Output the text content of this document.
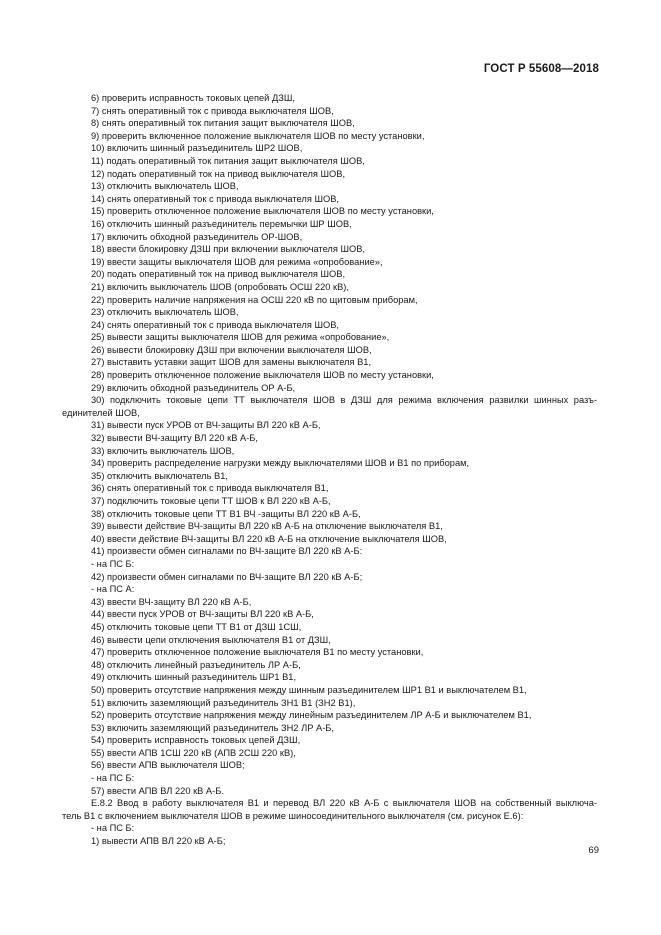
ГОСТ Р 55608—2018
6) проверить исправность токовых цепей ДЗШ,
7) снять оперативный ток с привода выключателя ШОВ,
8) снять оперативный ток питания защит выключателя ШОВ,
9) проверить включенное положение выключателя ШОВ по месту установки,
10) включить шинный разъединитель ШР2 ШОВ,
11) подать оперативный ток питания защит выключателя ШОВ,
12) подать оперативный ток на привод выключателя ШОВ,
13) отключить выключатель ШОВ,
14) снять оперативный ток с привода выключателя ШОВ,
15) проверить отключенное положение выключателя ШОВ по месту установки,
16) отключить шинный разъединитель перемычки ШР ШОВ,
17) включить обходной разъединитель ОР-ШОВ,
18) ввести блокировку ДЗШ при включении выключателя ШОВ,
19) ввести защиты выключателя ШОВ для режима «опробование»,
20) подать оперативный ток на привод выключателя ШОВ,
21) включить выключатель ШОВ (опробовать ОСШ 220 кВ),
22) проверить наличие напряжения на ОСШ 220 кВ по щитовым приборам,
23) отключить выключатель ШОВ,
24) снять оперативный ток с привода выключателя ШОВ,
25) вывести защиты выключателя ШОВ для режима «опробование»,
26) вывести блокировку ДЗШ при включении выключателя ШОВ,
27) выставить уставки защит ШОВ для замены выключателя В1,
28) проверить отключенное положение выключателя ШОВ по месту установки,
29) включить обходной разъединитель ОР А-Б,
30) подключить токовые цепи ТТ выключателя ШОВ в ДЗШ для режима включения развилки шинных разъ-
единителей ШОВ,
31) вывести пуск УРОВ от ВЧ-защиты ВЛ 220 кВ А-Б,
32) вывести ВЧ-защиту ВЛ 220 кВ А-Б,
33) включить выключатель ШОВ,
34) проверить распределение нагрузки между выключателями ШОВ и В1 по приборам,
35) отключить выключатель В1,
36) снять оперативный ток с привода выключателя В1,
37) подключить токовые цепи ТТ ШОВ к ВЛ 220 кВ А-Б,
38) отключить токовые цепи ТТ В1 ВЧ -защиты ВЛ 220 кВ А-Б,
39) вывести действие ВЧ-защиты ВЛ 220 кВ А-Б на отключение выключателя В1,
40) ввести действие ВЧ-защиты ВЛ 220 кВ А-Б на отключение выключателя ШОВ,
41) произвести обмен сигналами по ВЧ-защите ВЛ 220 кВ А-Б:
- на ПС Б:
42) произвести обмен сигналами по ВЧ-защите ВЛ 220 кВ А-Б;
- на ПС А:
43) ввести ВЧ-защиту ВЛ 220 кВ А-Б,
44) ввести пуск УРОВ от ВЧ-защиты ВЛ 220 кВ А-Б,
45) отключить токовые цепи ТТ В1 от ДЗШ 1СШ,
46) вывести цепи отключения выключателя В1 от ДЗШ,
47) проверить отключенное положение выключателя В1 по месту установки,
48) отключить линейный разъединитель ЛР А-Б,
49) отключить шинный разъединитель ШР1 В1,
50) проверить отсутствие напряжения между шинным разъединителем ШР1 В1 и выключателем В1,
51) включить заземляющий разъединитель ЗН1 В1 (ЗН2 В1),
52) проверить отсутствие напряжения между линейным разъединителем ЛР А-Б и выключателем В1,
53) включить заземляющий разъединитель ЗН2 ЛР А-Б,
54) проверить исправность токовых цепей ДЗШ,
55) ввести АПВ 1СШ 220 кВ (АПВ 2СШ 220 кВ),
56) ввести АПВ выключателя ШОВ;
- на ПС Б:
57) ввести АПВ ВЛ 220 кВ А-Б.
Е.8.2 Ввод в работу выключателя В1 и перевод ВЛ 220 кВ А-Б с выключателя ШОВ на собственный выключа-
тель В1 с включением выключателя ШОВ в режиме шиносоединительного выключателя (см. рисунок Е.6):
- на ПС Б:
1) вывести АПВ ВЛ 220 кВ А-Б;
69
